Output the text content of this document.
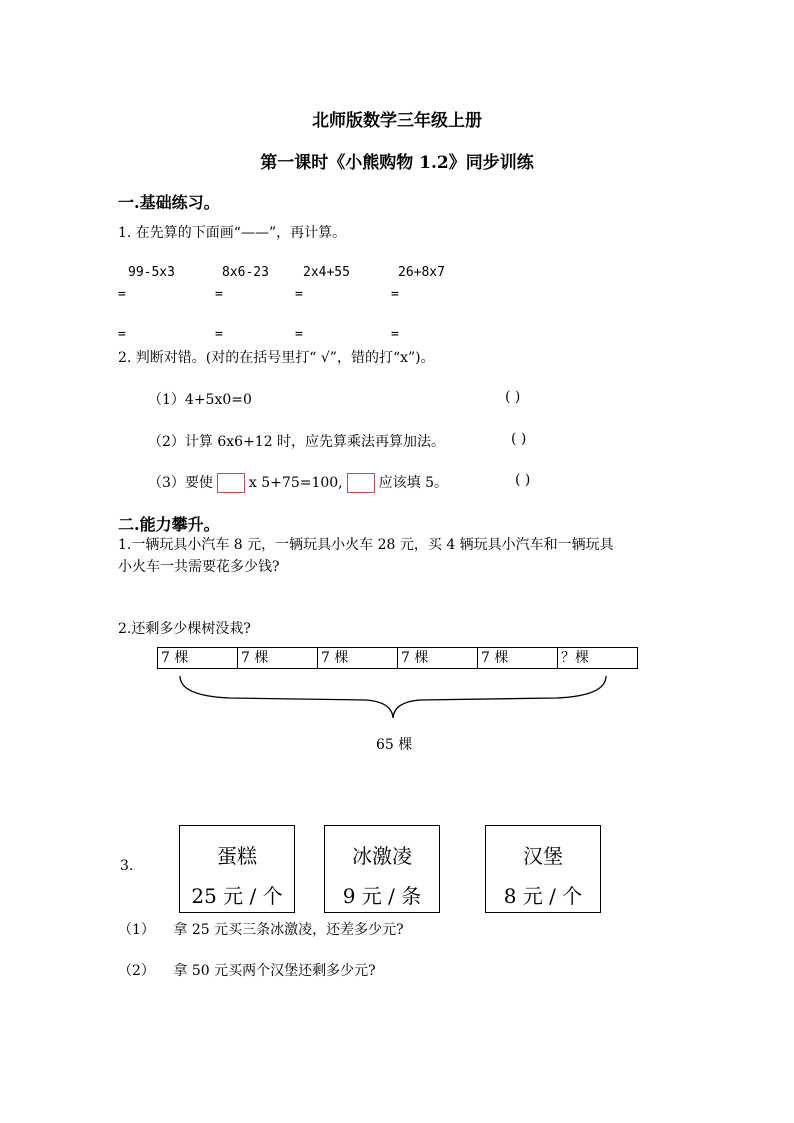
北师版数学三年级上册
第一课时《小熊购物 1.2》同步训练
一.基础练习。
1. 在先算的下面画“——”，再计算。
99-5x3	8x6-23	2x4+55	26+8x7
=	=	=	=
=	=	=	=
2. 判断对错。(对的在括号里打“ √”，错的打“x”)。
（1）4+5x0=0	( )
（2）计算 6x6+12 时，应先算乘法再算加法。	( )
（3）要使	x 5+75=100,	应该填 5。	( )
二.能力攀升。
1.一辆玩具小汽车 8 元，一辆玩具小火车 28 元，买 4 辆玩具小汽车和一辆玩具
小火车一共需要花多少钱?
2.还剩多少棵树没栽?
7 棵	7 棵	7 棵	7 棵	7 棵	？棵
65 棵
3.	蛋糕
25 元 / 个
冰激凌
9 元 / 条
汉堡
8 元 / 个
（1） 拿 25 元买三条冰激凌，还差多少元?
（2） 拿 50 元买两个汉堡还剩多少元?
